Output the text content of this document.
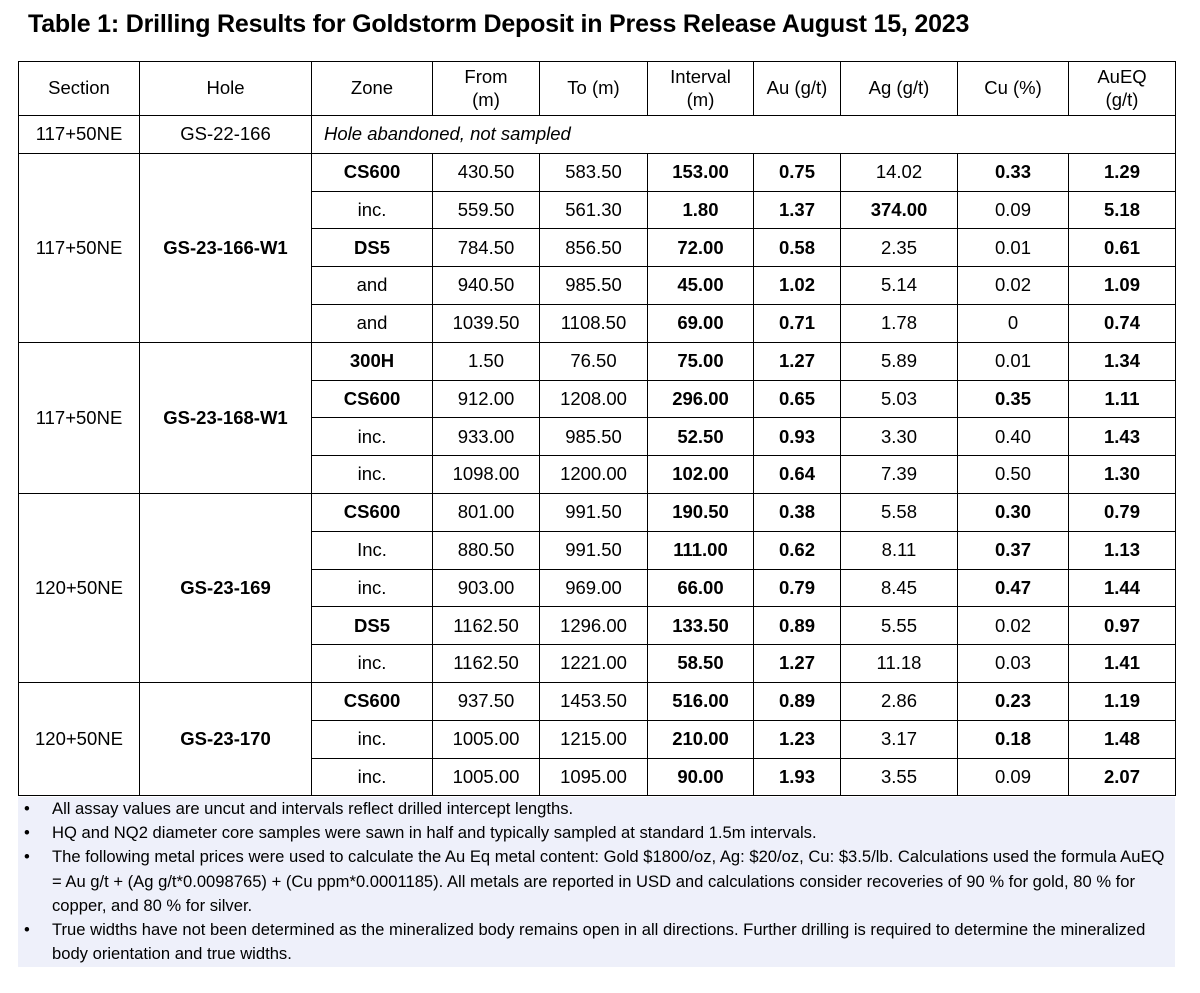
Table 1: Drilling Results for Goldstorm Deposit in Press Release August 15, 2023
Section	Hole	Zone	From (m)	To (m)	Interval (m)	Au (g/t)	Ag (g/t)	Cu (%)	AuEQ (g/t)
117+50NE	GS-22-166	Hole abandoned, not sampled							
117+50NE	GS-23-166-W1	CS600	430.50	583.50	153.00	0.75	14.02	0.33	1.29
		inc.	559.50	561.30	1.80	1.37	374.00	0.09	5.18
		DS5	784.50	856.50	72.00	0.58	2.35	0.01	0.61
		and	940.50	985.50	45.00	1.02	5.14	0.02	1.09
		and	1039.50	1108.50	69.00	0.71	1.78	0	0.74
117+50NE	GS-23-168-W1	300H	1.50	76.50	75.00	1.27	5.89	0.01	1.34
		CS600	912.00	1208.00	296.00	0.65	5.03	0.35	1.11
		inc.	933.00	985.50	52.50	0.93	3.30	0.40	1.43
		inc.	1098.00	1200.00	102.00	0.64	7.39	0.50	1.30
120+50NE	GS-23-169	CS600	801.00	991.50	190.50	0.38	5.58	0.30	0.79
		Inc.	880.50	991.50	111.00	0.62	8.11	0.37	1.13
		inc.	903.00	969.00	66.00	0.79	8.45	0.47	1.44
		DS5	1162.50	1296.00	133.50	0.89	5.55	0.02	0.97
		inc.	1162.50	1221.00	58.50	1.27	11.18	0.03	1.41
120+50NE	GS-23-170	CS600	937.50	1453.50	516.00	0.89	2.86	0.23	1.19
		inc.	1005.00	1215.00	210.00	1.23	3.17	0.18	1.48
		inc.	1005.00	1095.00	90.00	1.93	3.55	0.09	2.07
• All assay values are uncut and intervals reflect drilled intercept lengths.
• HQ and NQ2 diameter core samples were sawn in half and typically sampled at standard 1.5m intervals.
• The following metal prices were used to calculate the Au Eq metal content: Gold $1800/oz, Ag: $20/oz, Cu: $3.5/lb. Calculations used the formula AuEQ = Au g/t + (Ag g/t*0.0098765) + (Cu ppm*0.0001185). All metals are reported in USD and calculations consider recoveries of 90 % for gold, 80 % for copper, and 80 % for silver.
• True widths have not been determined as the mineralized body remains open in all directions. Further drilling is required to determine the mineralized body orientation and true widths.
